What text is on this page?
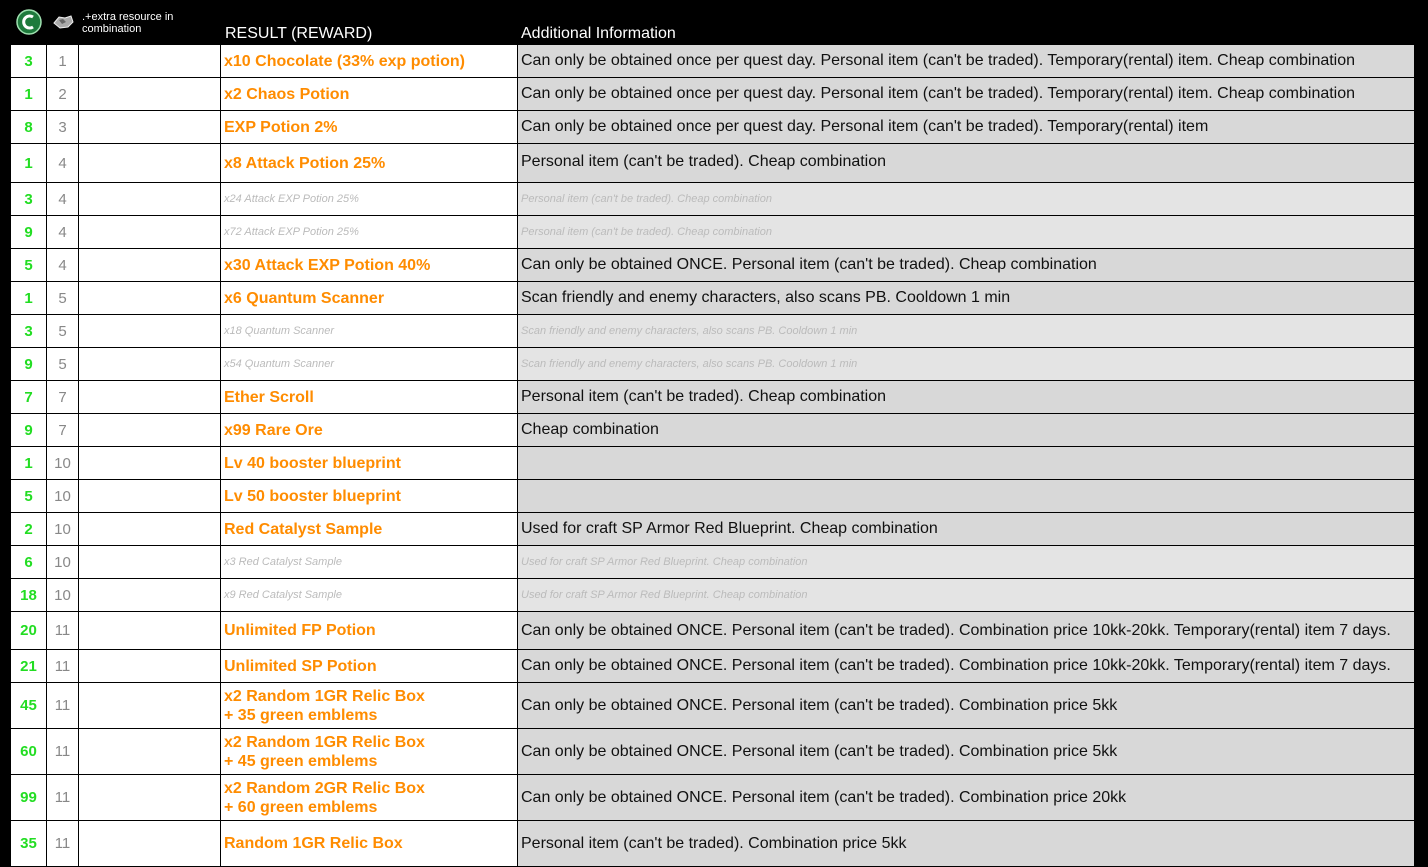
		.+extra resource in combination	RESULT (REWARD)	Additional Information
3	1		x10 Chocolate (33% exp potion)	Can only be obtained once per quest day. Personal item (can't be traded). Temporary(rental) item. Cheap combination
1	2		x2 Chaos Potion	Can only be obtained once per quest day. Personal item (can't be traded). Temporary(rental) item. Cheap combination
8	3		EXP Potion 2%	Can only be obtained once per quest day. Personal item (can't be traded). Temporary(rental) item
1	4		x8 Attack Potion 25%	Personal item (can't be traded). Cheap combination
3	4		x24 Attack EXP Potion 25%	Personal item (can't be traded). Cheap combination
9	4		x72 Attack EXP Potion 25%	Personal item (can't be traded). Cheap combination
5	4		x30 Attack EXP Potion 40%	Can only be obtained ONCE. Personal item (can't be traded). Cheap combination
1	5		x6 Quantum Scanner	Scan friendly and enemy characters, also scans PB. Cooldown 1 min
3	5		x18 Quantum Scanner	Scan friendly and enemy characters, also scans PB. Cooldown 1 min
9	5		x54 Quantum Scanner	Scan friendly and enemy characters, also scans PB. Cooldown 1 min
7	7		Ether Scroll	Personal item (can't be traded). Cheap combination
9	7		x99 Rare Ore	Cheap combination
1	10		Lv 40 booster blueprint	
5	10		Lv 50 booster blueprint	
2	10		Red Catalyst Sample	Used for craft SP Armor Red Blueprint. Cheap combination
6	10		x3 Red Catalyst Sample	Used for craft SP Armor Red Blueprint. Cheap combination
18	10		x9 Red Catalyst Sample	Used for craft SP Armor Red Blueprint. Cheap combination
20	11		Unlimited FP Potion	Can only be obtained ONCE. Personal item (can't be traded). Combination price 10kk-20kk. Temporary(rental) item 7 days.
21	11		Unlimited SP Potion	Can only be obtained ONCE. Personal item (can't be traded). Combination price 10kk-20kk. Temporary(rental) item 7 days.
45	11		x2 Random 1GR Relic Box
+ 35 green emblems	Can only be obtained ONCE. Personal item (can't be traded). Combination price 5kk
60	11		x2 Random 1GR Relic Box
+ 45 green emblems	Can only be obtained ONCE. Personal item (can't be traded). Combination price 5kk
99	11		x2 Random 2GR Relic Box
+ 60 green emblems	Can only be obtained ONCE. Personal item (can't be traded). Combination price 20kk
35	11		Random 1GR Relic Box	Personal item (can't be traded). Combination price 5kk
